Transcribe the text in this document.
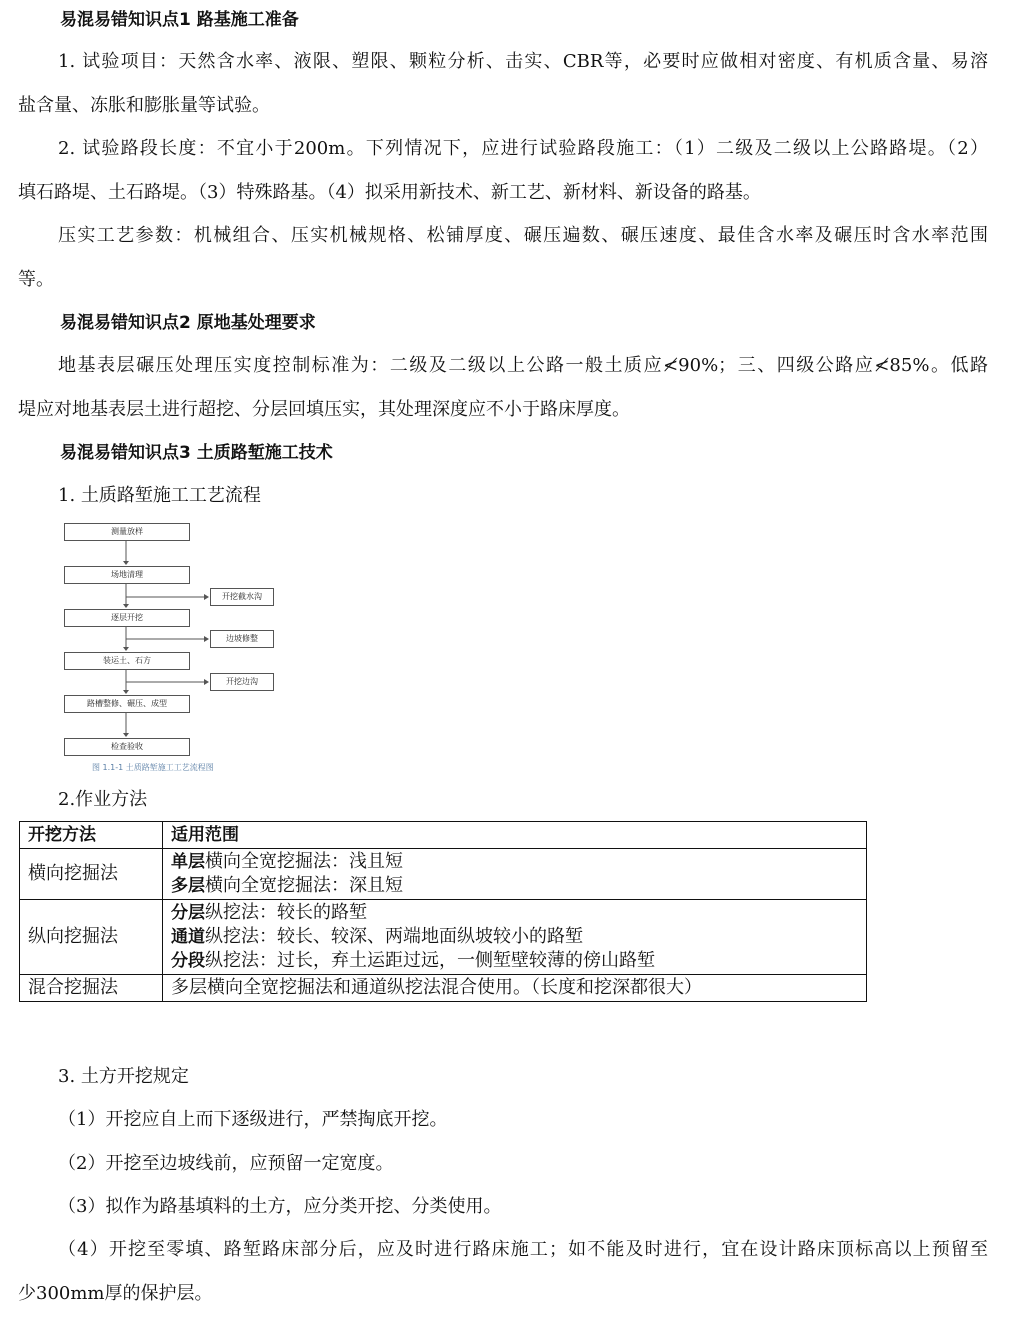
易混易错知识点1 路基施工准备
1. 试验项目：天然含水率、液限、塑限、颗粒分析、击实、CBR等，必要时应做相对密度、有机质含量、易溶
盐含量、冻胀和膨胀量等试验。
2. 试验路段长度：不宜小于200m。下列情况下，应进行试验路段施工：（1）二级及二级以上公路路堤。（2）
填石路堤、土石路堤。（3）特殊路基。（4）拟采用新技术、新工艺、新材料、新设备的路基。
压实工艺参数：机械组合、压实机械规格、松铺厚度、碾压遍数、碾压速度、最佳含水率及碾压时含水率范围
等。
易混易错知识点2 原地基处理要求
地基表层碾压处理压实度控制标准为：二级及二级以上公路一般土质应≮90%；三、四级公路应≮85%。低路
堤应对地基表层土进行超挖、分层回填压实，其处理深度应不小于路床厚度。
易混易错知识点3 土质路堑施工技术
1. 土质路堑施工工艺流程
测量放样
场地清理
逐层开挖
装运土、石方
路槽整修、碾压、成型
检查验收
开挖截水沟
边坡修整
开挖边沟
图 1.1-1 土质路堑施工工艺流程图
2.作业方法
开挖方法	适用范围
横向挖掘法	单层横向全宽挖掘法：浅且短
多层横向全宽挖掘法：深且短

纵向挖掘法	分层纵挖法：较长的路堑
通道纵挖法：较长、较深、两端地面纵坡较小的路堑
分段纵挖法：过长，弃土运距过远，一侧堑壁较薄的傍山路堑

混合挖掘法	多层横向全宽挖掘法和通道纵挖法混合使用。（长度和挖深都很大）
3. 土方开挖规定
（1）开挖应自上而下逐级进行，严禁掏底开挖。
（2）开挖至边坡线前，应预留一定宽度。
（3）拟作为路基填料的土方，应分类开挖、分类使用。
（4）开挖至零填、路堑路床部分后，应及时进行路床施工；如不能及时进行，宜在设计路床顶标高以上预留至
少300mm厚的保护层。
